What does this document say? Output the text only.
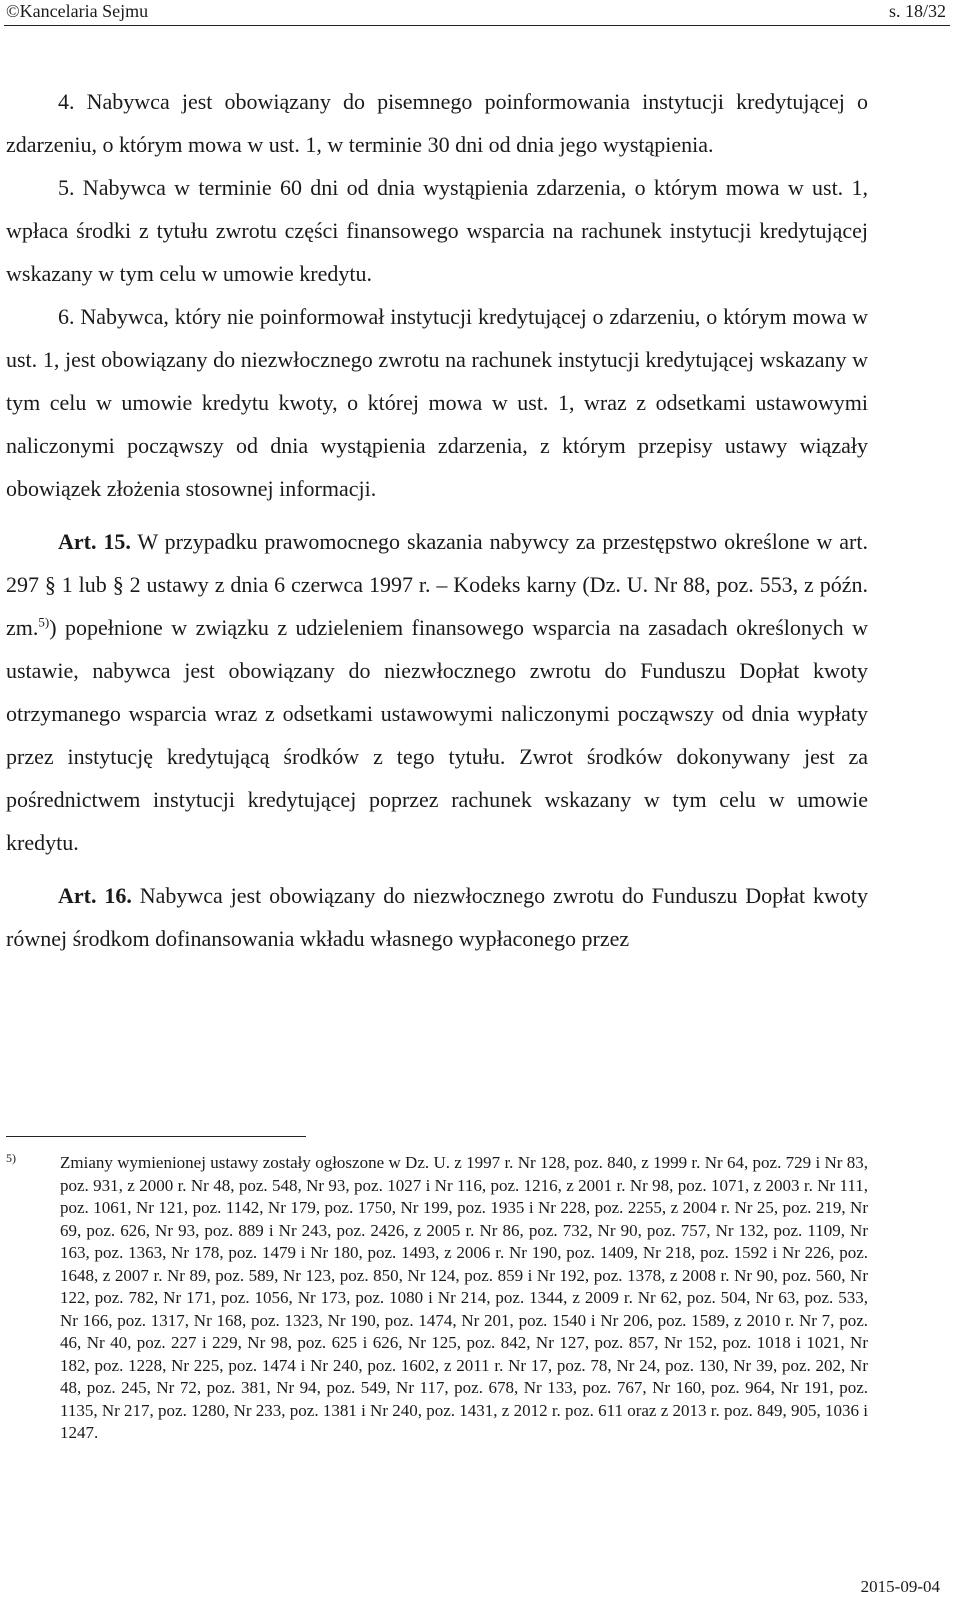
©Kancelaria Sejmu	s. 18/32

4. Nabywca jest obowiązany do pisemnego poinformowania instytucji kredytującej o zdarzeniu, o którym mowa w ust. 1, w terminie 30 dni od dnia jego wystąpienia.

5. Nabywca w terminie 60 dni od dnia wystąpienia zdarzenia, o którym mowa w ust. 1, wpłaca środki z tytułu zwrotu części finansowego wsparcia na rachunek instytucji kredytującej wskazany w tym celu w umowie kredytu.

6. Nabywca, który nie poinformował instytucji kredytującej o zdarzeniu, o którym mowa w ust. 1, jest obowiązany do niezwłocznego zwrotu na rachunek instytucji kredytującej wskazany w tym celu w umowie kredytu kwoty, o której mowa w ust. 1, wraz z odsetkami ustawowymi naliczonymi począwszy od dnia wystąpienia zdarzenia, z którym przepisy ustawy wiązały obowiązek złożenia stosownej informacji.

Art. 15. W przypadku prawomocnego skazania nabywcy za przestępstwo określone w art. 297 § 1 lub § 2 ustawy z dnia 6 czerwca 1997 r. – Kodeks karny (Dz. U. Nr 88, poz. 553, z późn. zm.$^{5)}$) popełnione w związku z udzieleniem finansowego wsparcia na zasadach określonych w ustawie, nabywca jest obowiązany do niezwłocznego zwrotu do Funduszu Dopłat kwoty otrzymanego wsparcia wraz z odsetkami ustawowymi naliczonymi począwszy od dnia wypłaty przez instytucję kredytującą środków z tego tytułu. Zwrot środków dokonywany jest za pośrednictwem instytucji kredytującej poprzez rachunek wskazany w tym celu w umowie kredytu.

Art. 16. Nabywca jest obowiązany do niezwłocznego zwrotu do Funduszu Dopłat kwoty równej środkom dofinansowania wkładu własnego wypłaconego przez

5)	Zmiany wymienionej ustawy zostały ogłoszone w Dz. U. z 1997 r. Nr 128, poz. 840, z 1999 r. Nr 64, poz. 729 i Nr 83, poz. 931, z 2000 r. Nr 48, poz. 548, Nr 93, poz. 1027 i Nr 116, poz. 1216, z 2001 r. Nr 98, poz. 1071, z 2003 r. Nr 111, poz. 1061, Nr 121, poz. 1142, Nr 179, poz. 1750, Nr 199, poz. 1935 i Nr 228, poz. 2255, z 2004 r. Nr 25, poz. 219, Nr 69, poz. 626, Nr 93, poz. 889 i Nr 243, poz. 2426, z 2005 r. Nr 86, poz. 732, Nr 90, poz. 757, Nr 132, poz. 1109, Nr 163, poz. 1363, Nr 178, poz. 1479 i Nr 180, poz. 1493, z 2006 r. Nr 190, poz. 1409, Nr 218, poz. 1592 i Nr 226, poz. 1648, z 2007 r. Nr 89, poz. 589, Nr 123, poz. 850, Nr 124, poz. 859 i Nr 192, poz. 1378, z 2008 r. Nr 90, poz. 560, Nr 122, poz. 782, Nr 171, poz. 1056, Nr 173, poz. 1080 i Nr 214, poz. 1344, z 2009 r. Nr 62, poz. 504, Nr 63, poz. 533, Nr 166, poz. 1317, Nr 168, poz. 1323, Nr 190, poz. 1474, Nr 201, poz. 1540 i Nr 206, poz. 1589, z 2010 r. Nr 7, poz. 46, Nr 40, poz. 227 i 229, Nr 98, poz. 625 i 626, Nr 125, poz. 842, Nr 127, poz. 857, Nr 152, poz. 1018 i 1021, Nr 182, poz. 1228, Nr 225, poz. 1474 i Nr 240, poz. 1602, z 2011 r. Nr 17, poz. 78, Nr 24, poz. 130, Nr 39, poz. 202, Nr 48, poz. 245, Nr 72, poz. 381, Nr 94, poz. 549, Nr 117, poz. 678, Nr 133, poz. 767, Nr 160, poz. 964, Nr 191, poz. 1135, Nr 217, poz. 1280, Nr 233, poz. 1381 i Nr 240, poz. 1431, z 2012 r. poz. 611 oraz z 2013 r. poz. 849, 905, 1036 i 1247.
2015-09-04
